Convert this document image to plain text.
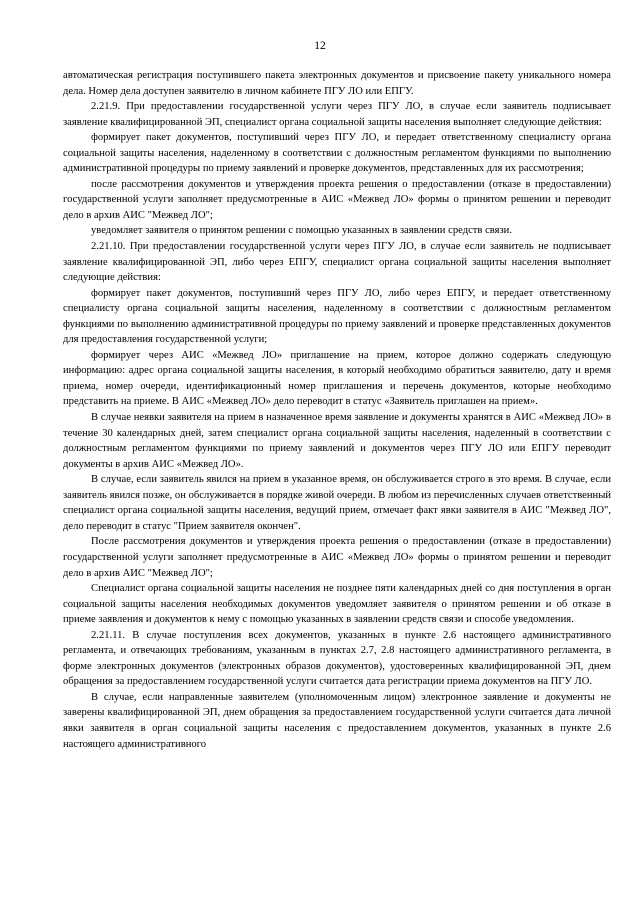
12

автоматическая регистрация поступившего пакета электронных документов и присвоение пакету уникального номера дела. Номер дела доступен заявителю в личном кабинете ПГУ ЛО или ЕПГУ.

2.21.9. При предоставлении государственной услуги через ПГУ ЛО, в случае если заявитель подписывает заявление квалифицированной ЭП, специалист органа социальной защиты населения выполняет следующие действия:

формирует пакет документов, поступивший через ПГУ ЛО, и передает ответственному специалисту органа социальной защиты населения, наделенному в соответствии с должностным регламентом функциями по выполнению административной процедуры по приему заявлений и проверке документов, представленных для их рассмотрения;

после рассмотрения документов и утверждения проекта решения о предоставлении (отказе в предоставлении) государственной услуги заполняет предусмотренные в АИС «Межвед ЛО» формы о принятом решении и переводит дело в архив АИС "Межвед ЛО";

уведомляет заявителя о принятом решении с помощью указанных в заявлении средств связи.

2.21.10. При предоставлении государственной услуги через ПГУ ЛО, в случае если заявитель не подписывает заявление квалифицированной ЭП, либо через ЕПГУ, специалист органа социальной защиты населения выполняет следующие действия:

формирует пакет документов, поступивший через ПГУ ЛО, либо через ЕПГУ, и передает ответственному специалисту органа социальной защиты населения, наделенному в соответствии с должностным регламентом функциями по выполнению административной процедуры по приему заявлений и проверке представленных документов для предоставления государственной услуги;

формирует через АИС «Межвед ЛО» приглашение на прием, которое должно содержать следующую информацию: адрес органа социальной защиты населения, в который необходимо обратиться заявителю, дату и время приема, номер очереди, идентификационный номер приглашения и перечень документов, которые необходимо представить на приеме. В АИС «Межвед ЛО» дело переводит в статус «Заявитель приглашен на прием».

В случае неявки заявителя на прием в назначенное время заявление и документы хранятся в АИС «Межвед ЛО» в течение 30 календарных дней, затем специалист органа социальной защиты населения, наделенный в соответствии с должностным регламентом функциями по приему заявлений и документов через ПГУ ЛО или ЕПГУ переводит документы в архив АИС «Межвед ЛО».

В случае, если заявитель явился на прием в указанное время, он обслуживается строго в это время. В случае, если заявитель явился позже, он обслуживается в порядке живой очереди. В любом из перечисленных случаев ответственный специалист органа социальной защиты населения, ведущий прием, отмечает факт явки заявителя в АИС "Межвед ЛО", дело переводит в статус "Прием заявителя окончен".

После рассмотрения документов и утверждения проекта решения о предоставлении (отказе в предоставлении) государственной услуги заполняет предусмотренные в АИС «Межвед ЛО» формы о принятом решении и переводит дело в архив АИС "Межвед ЛО";

Специалист органа социальной защиты населения не позднее пяти календарных дней со дня поступления в орган социальной защиты населения необходимых документов уведомляет заявителя о принятом решении и об отказе в приеме заявления и документов к нему с помощью указанных в заявлении средств связи и способе уведомления.

2.21.11. В случае поступления всех документов, указанных в пункте 2.6 настоящего административного регламента, и отвечающих требованиям, указанным в пунктах 2.7, 2.8 настоящего административного регламента, в форме электронных документов (электронных образов документов), удостоверенных квалифицированной ЭП, днем обращения за предоставлением государственной услуги считается дата регистрации приема документов на ПГУ ЛО.

В случае, если направленные заявителем (уполномоченным лицом) электронное заявление и документы не заверены квалифицированной ЭП, днем обращения за предоставлением государственной услуги считается дата личной явки заявителя в орган социальной защиты населения с предоставлением документов, указанных в пункте 2.6 настоящего административного
